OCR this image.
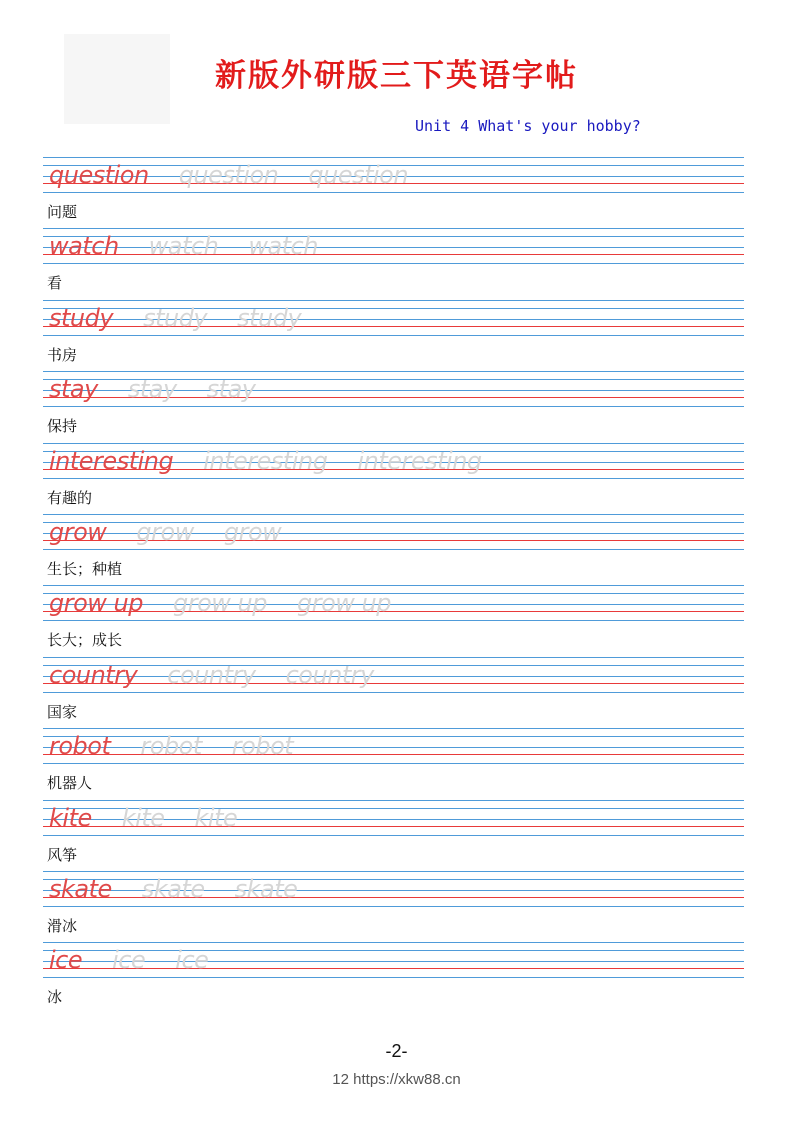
新版外研版三下英语字帖
Unit 4 What's your hobby?
question question question
问题
watch watch watch
看
study study study
书房
stay stay stay
保持
interesting interesting interesting
有趣的
grow grow grow
生长；种植
grow up grow up grow up
长大；成长
country country country
国家
robot robot robot
机器人
kite kite kite
风筝
skate skate skate
滑冰
ice ice ice
冰
-2-
12 https://xkw88.cn
